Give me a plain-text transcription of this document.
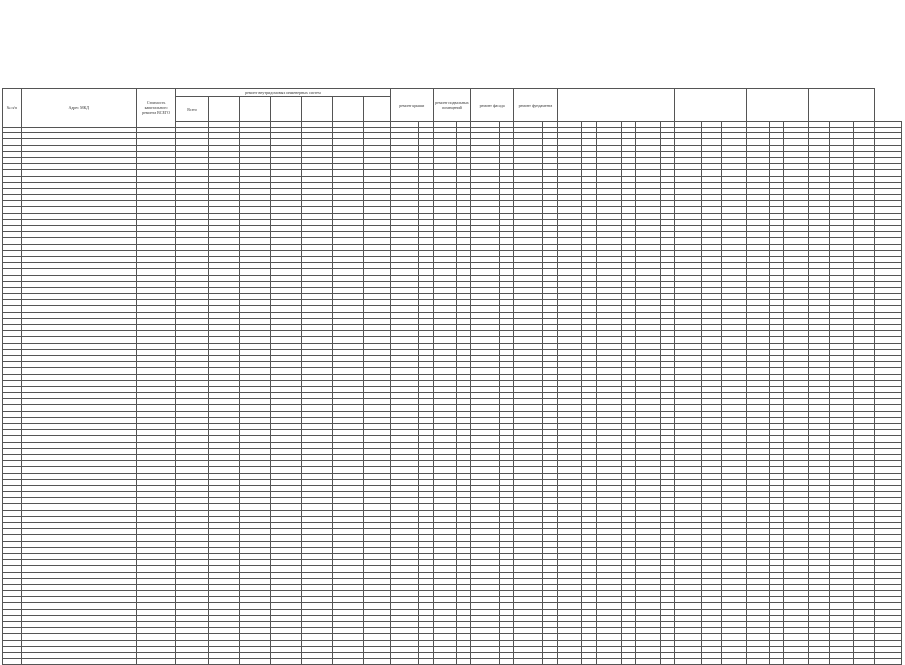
№ п/п	Адрес МКД	Стоимость капитального ремонта ВСЕГО	ремонт внутридомовых инженерных систем							ремонт крыши		ремонт подвальных помещений		ремонт фасада		ремонт фундамента																	
			Всего																														
